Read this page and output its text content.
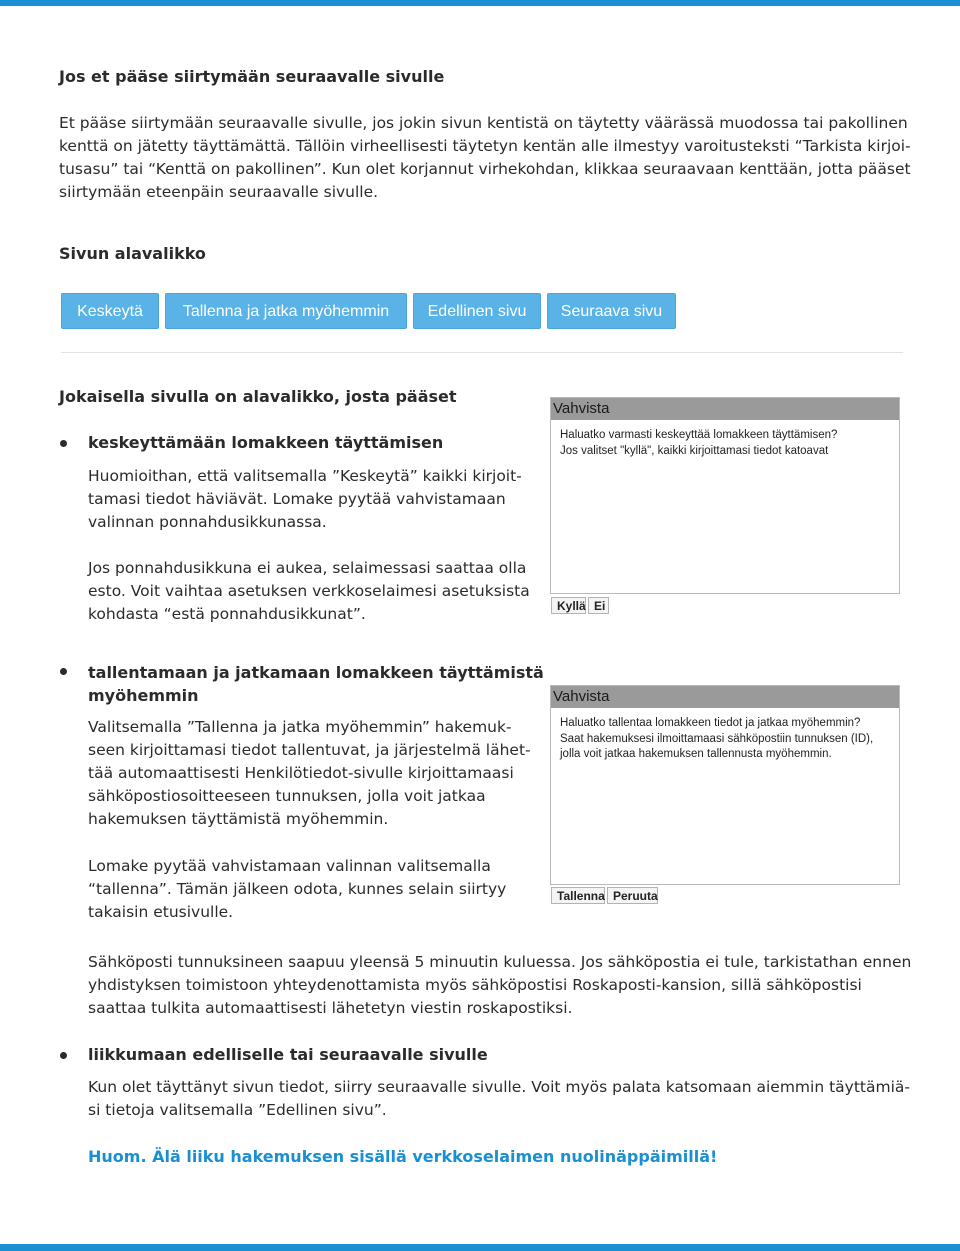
Jos et pääse siirtymään seuraavalle sivulle

Et pääse siirtymään seuraavalle sivulle, jos jokin sivun kentistä on täytetty väärässä muodossa tai pakollinen
kenttä on jätetty täyttämättä. Tällöin virheellisesti täytetyn kentän alle ilmestyy varoitusteksti “Tarkista kirjoi-
tusasu” tai “Kenttä on pakollinen”. Kun olet korjannut virhekohdan, klikkaa seuraavaan kenttään, jotta pääset
siirtymään eteenpäin seuraavalle sivulle.

Sivun alavalikko
Keskeytä	Tallenna ja jatka myöhemmin	Edellinen sivu	Seuraava sivu
Jokaisella sivulla on alavalikko, josta pääset
keskeyttämään lomakkeen täyttämisen

Huomioithan, että valitsemalla ”Keskeytä” kaikki kirjoit-
tamasi tiedot häviävät. Lomake pyytää vahvistamaan
valinnan ponnahdusikkunassa.

Jos ponnahdusikkuna ei aukea, selaimessasi saattaa olla
esto. Voit vaihtaa asetuksen verkkoselaimesi asetuksista
kohdasta “estä ponnahdusikkunat”.

Vahvista
Haluatko varmasti keskeyttää lomakkeen täyttämisen?
Jos valitset "kyllä", kaikki kirjoittamasi tiedot katoavat
Kyllä Ei
tallentamaan ja jatkamaan lomakkeen täyttämistä
myöhemmin

Valitsemalla ”Tallenna ja jatka myöhemmin” hakemuk-
seen kirjoittamasi tiedot tallentuvat, ja järjestelmä lähet-
tää automaattisesti Henkilötiedot-sivulle kirjoittamaasi
sähköpostiosoitteeseen tunnuksen, jolla voit jatkaa
hakemuksen täyttämistä myöhemmin.

Lomake pyytää vahvistamaan valinnan valitsemalla
“tallenna”. Tämän jälkeen odota, kunnes selain siirtyy
takaisin etusivulle.

Vahvista
Haluatko tallentaa lomakkeen tiedot ja jatkaa myöhemmin?
Saat hakemuksesi ilmoittamaasi sähköpostiin tunnuksen (ID),
jolla voit jatkaa hakemuksen tallennusta myöhemmin.
Tallenna Peruuta

Sähköposti tunnuksineen saapuu yleensä 5 minuutin kuluessa. Jos sähköpostia ei tule, tarkistathan ennen
yhdistyksen toimistoon yhteydenottamista myös sähköpostisi Roskaposti-kansion, sillä sähköpostisi
saattaa tulkita automaattisesti lähetetyn viestin roskapostiksi.

liikkumaan edelliselle tai seuraavalle sivulle

Kun olet täyttänyt sivun tiedot, siirry seuraavalle sivulle. Voit myös palata katsomaan aiemmin täyttämiä-
si tietoja valitsemalla ”Edellinen sivu”.

Huom. Älä liiku hakemuksen sisällä verkkoselaimen nuolinäppäimillä!
